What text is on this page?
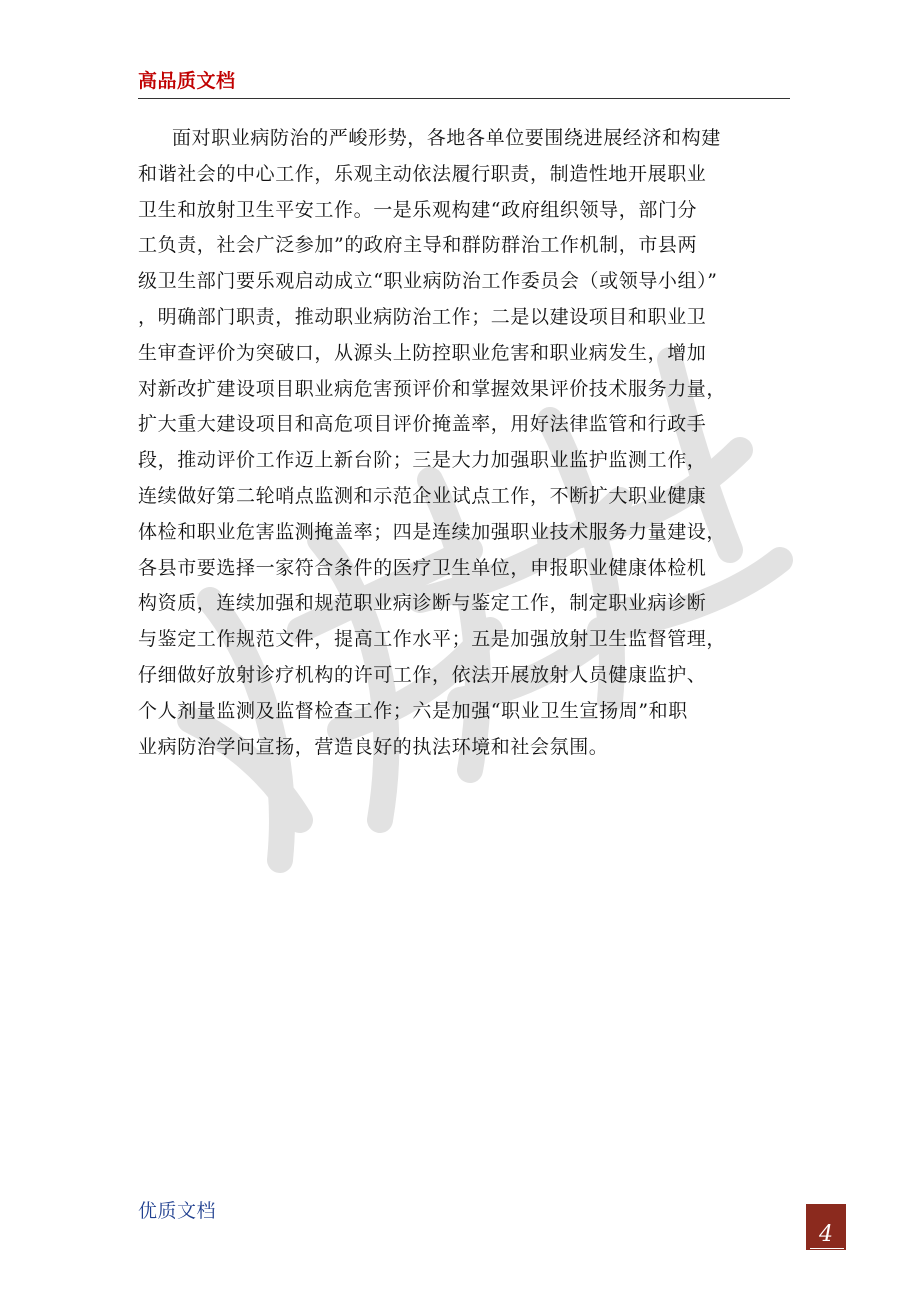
高品质文档
面对职业病防治的严峻形势，各地各单位要围绕进展经济和构建
和谐社会的中心工作，乐观主动依法履行职责，制造性地开展职业
卫生和放射卫生平安工作。一是乐观构建“政府组织领导，部门分
工负责，社会广泛参加”的政府主导和群防群治工作机制，市县两
级卫生部门要乐观启动成立“职业病防治工作委员会（或领导小组）”
，明确部门职责，推动职业病防治工作；二是以建设项目和职业卫
生审查评价为突破口，从源头上防控职业危害和职业病发生，增加
对新改扩建设项目职业病危害预评价和掌握效果评价技术服务力量，
扩大重大建设项目和高危项目评价掩盖率，用好法律监管和行政手
段，推动评价工作迈上新台阶；三是大力加强职业监护监测工作，
连续做好第二轮哨点监测和示范企业试点工作，不断扩大职业健康
体检和职业危害监测掩盖率；四是连续加强职业技术服务力量建设，
各县市要选择一家符合条件的医疗卫生单位，申报职业健康体检机
构资质，连续加强和规范职业病诊断与鉴定工作，制定职业病诊断
与鉴定工作规范文件，提高工作水平；五是加强放射卫生监督管理，
仔细做好放射诊疗机构的许可工作，依法开展放射人员健康监护、
个人剂量监测及监督检查工作；六是加强“职业卫生宣扬周”和职
业病防治学问宣扬，营造良好的执法环境和社会氛围。
优质文档
4
